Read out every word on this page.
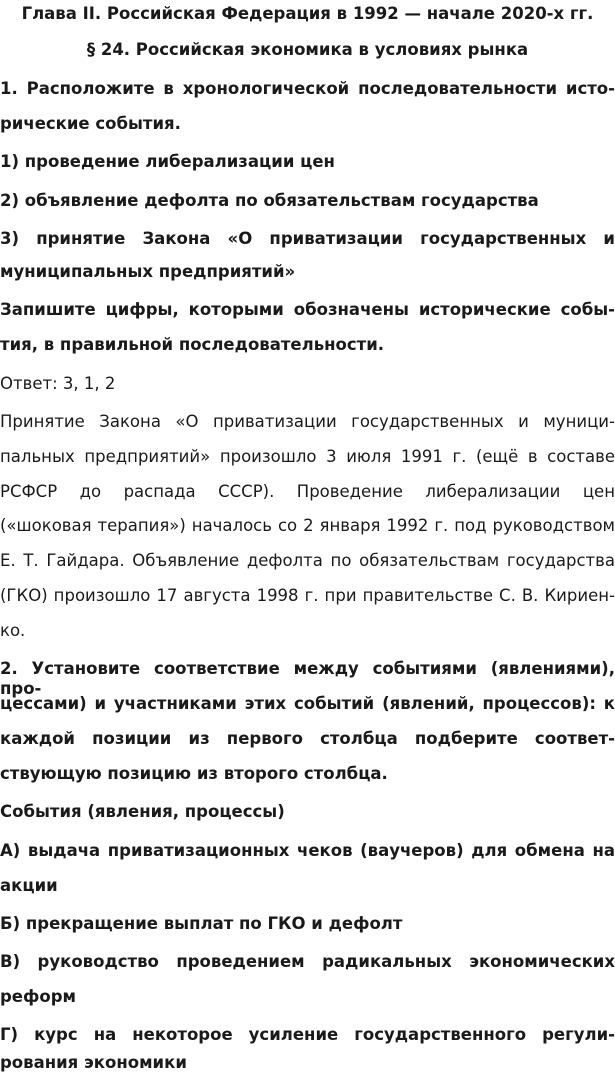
Глава II. Российская Федерация в 1992 — начале 2020-х гг.
§ 24. Российская экономика в условиях рынка
1. Расположите в хронологической последовательности исто-
рические события.
1) проведение либерализации цен
2) объявление дефолта по обязательствам государства
3) принятие Закона «О приватизации государственных и
муниципальных предприятий»
Запишите цифры, которыми обозначены исторические собы-
тия, в правильной последовательности.
Ответ: 3, 1, 2
Принятие Закона «О приватизации государственных и муници-
пальных предприятий» произошло 3 июля 1991 г. (ещё в составе
РСФСР до распада СССР). Проведение либерализации цен
(«шоковая терапия») началось со 2 января 1992 г. под руководством
Е. Т. Гайдара. Объявление дефолта по обязательствам государства
(ГКО) произошло 17 августа 1998 г. при правительстве С. В. Кириен-
ко.
2. Установите соответствие между событиями (явлениями), про-
цессами) и участниками этих событий (явлений, процессов): к
каждой позиции из первого столбца подберите соответ-
ствующую позицию из второго столбца.
События (явления, процессы)
А) выдача приватизационных чеков (ваучеров) для обмена на
акции
Б) прекращение выплат по ГКО и дефолт
В) руководство проведением радикальных экономических
реформ
Г) курс на некоторое усиление государственного регули-
рования экономики
